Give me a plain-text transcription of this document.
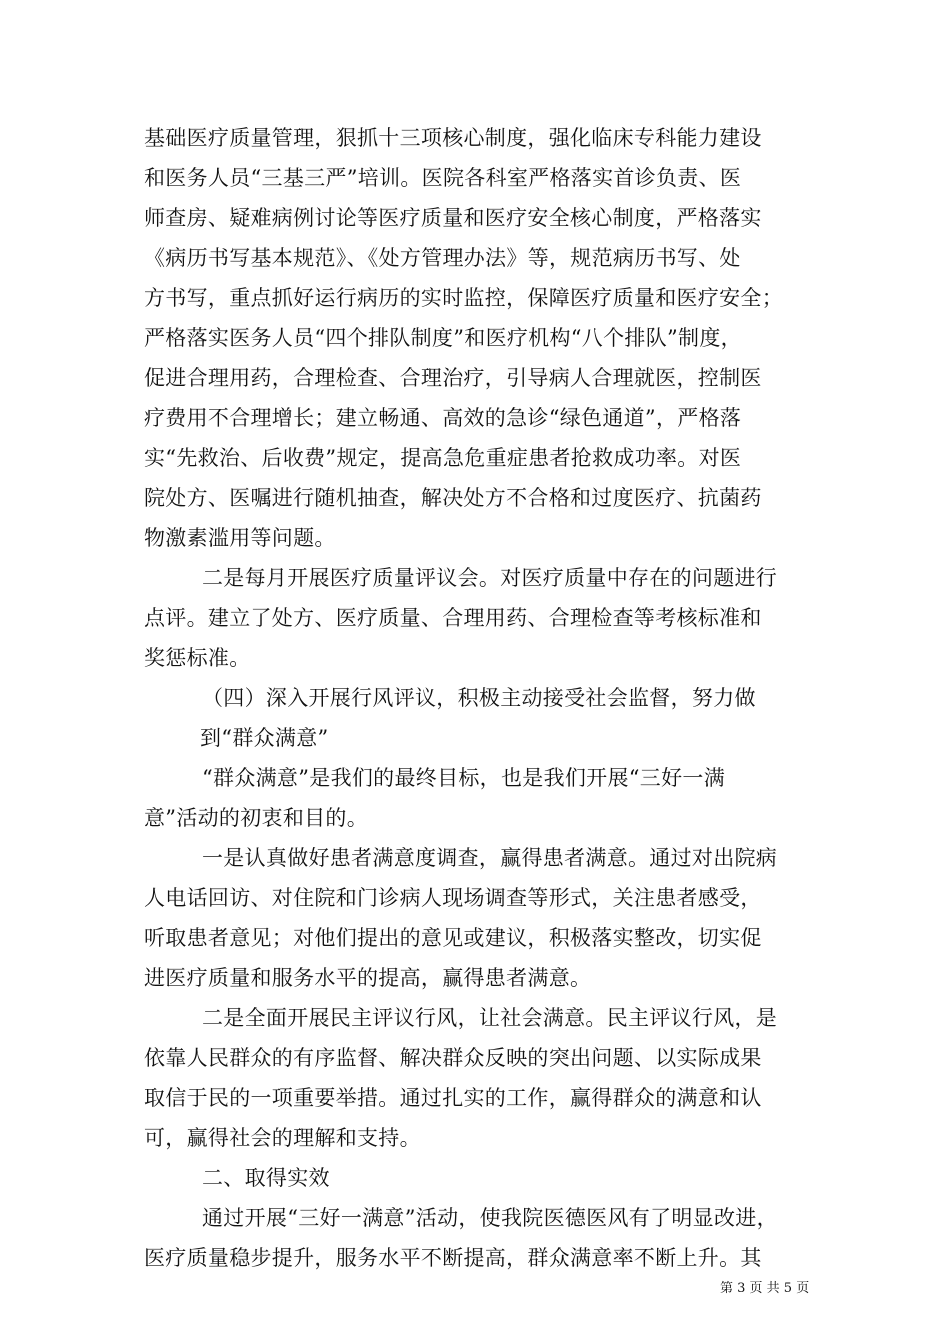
基础医疗质量管理，狠抓十三项核心制度，强化临床专科能力建设
和医务人员“三基三严”培训。医院各科室严格落实首诊负责、医
师查房、疑难病例讨论等医疗质量和医疗安全核心制度，严格落实
《病历书写基本规范》、《处方管理办法》等，规范病历书写、处
方书写，重点抓好运行病历的实时监控，保障医疗质量和医疗安全；
严格落实医务人员“四个排队制度”和医疗机构“八个排队”制度，
促进合理用药，合理检查、合理治疗，引导病人合理就医，控制医
疗费用不合理增长；建立畅通、高效的急诊“绿色通道”，严格落
实“先救治、后收费”规定，提高急危重症患者抢救成功率。对医
院处方、医嘱进行随机抽查，解决处方不合格和过度医疗、抗菌药
物激素滥用等问题。
二是每月开展医疗质量评议会。对医疗质量中存在的问题进行
点评。建立了处方、医疗质量、合理用药、合理检查等考核标准和
奖惩标准。
（四）深入开展行风评议，积极主动接受社会监督，努力做
到“群众满意”
“群众满意”是我们的最终目标，也是我们开展“三好一满
意”活动的初衷和目的。
一是认真做好患者满意度调查，赢得患者满意。通过对出院病
人电话回访、对住院和门诊病人现场调查等形式，关注患者感受，
听取患者意见；对他们提出的意见或建议，积极落实整改，切实促
进医疗质量和服务水平的提高，赢得患者满意。
二是全面开展民主评议行风，让社会满意。民主评议行风，是
依靠人民群众的有序监督、解决群众反映的突出问题、以实际成果
取信于民的一项重要举措。通过扎实的工作，赢得群众的满意和认
可，赢得社会的理解和支持。
二、取得实效
通过开展“三好一满意”活动，使我院医德医风有了明显改进，
医疗质量稳步提升，服务水平不断提高，群众满意率不断上升。其
第 3 页 共 5 页
